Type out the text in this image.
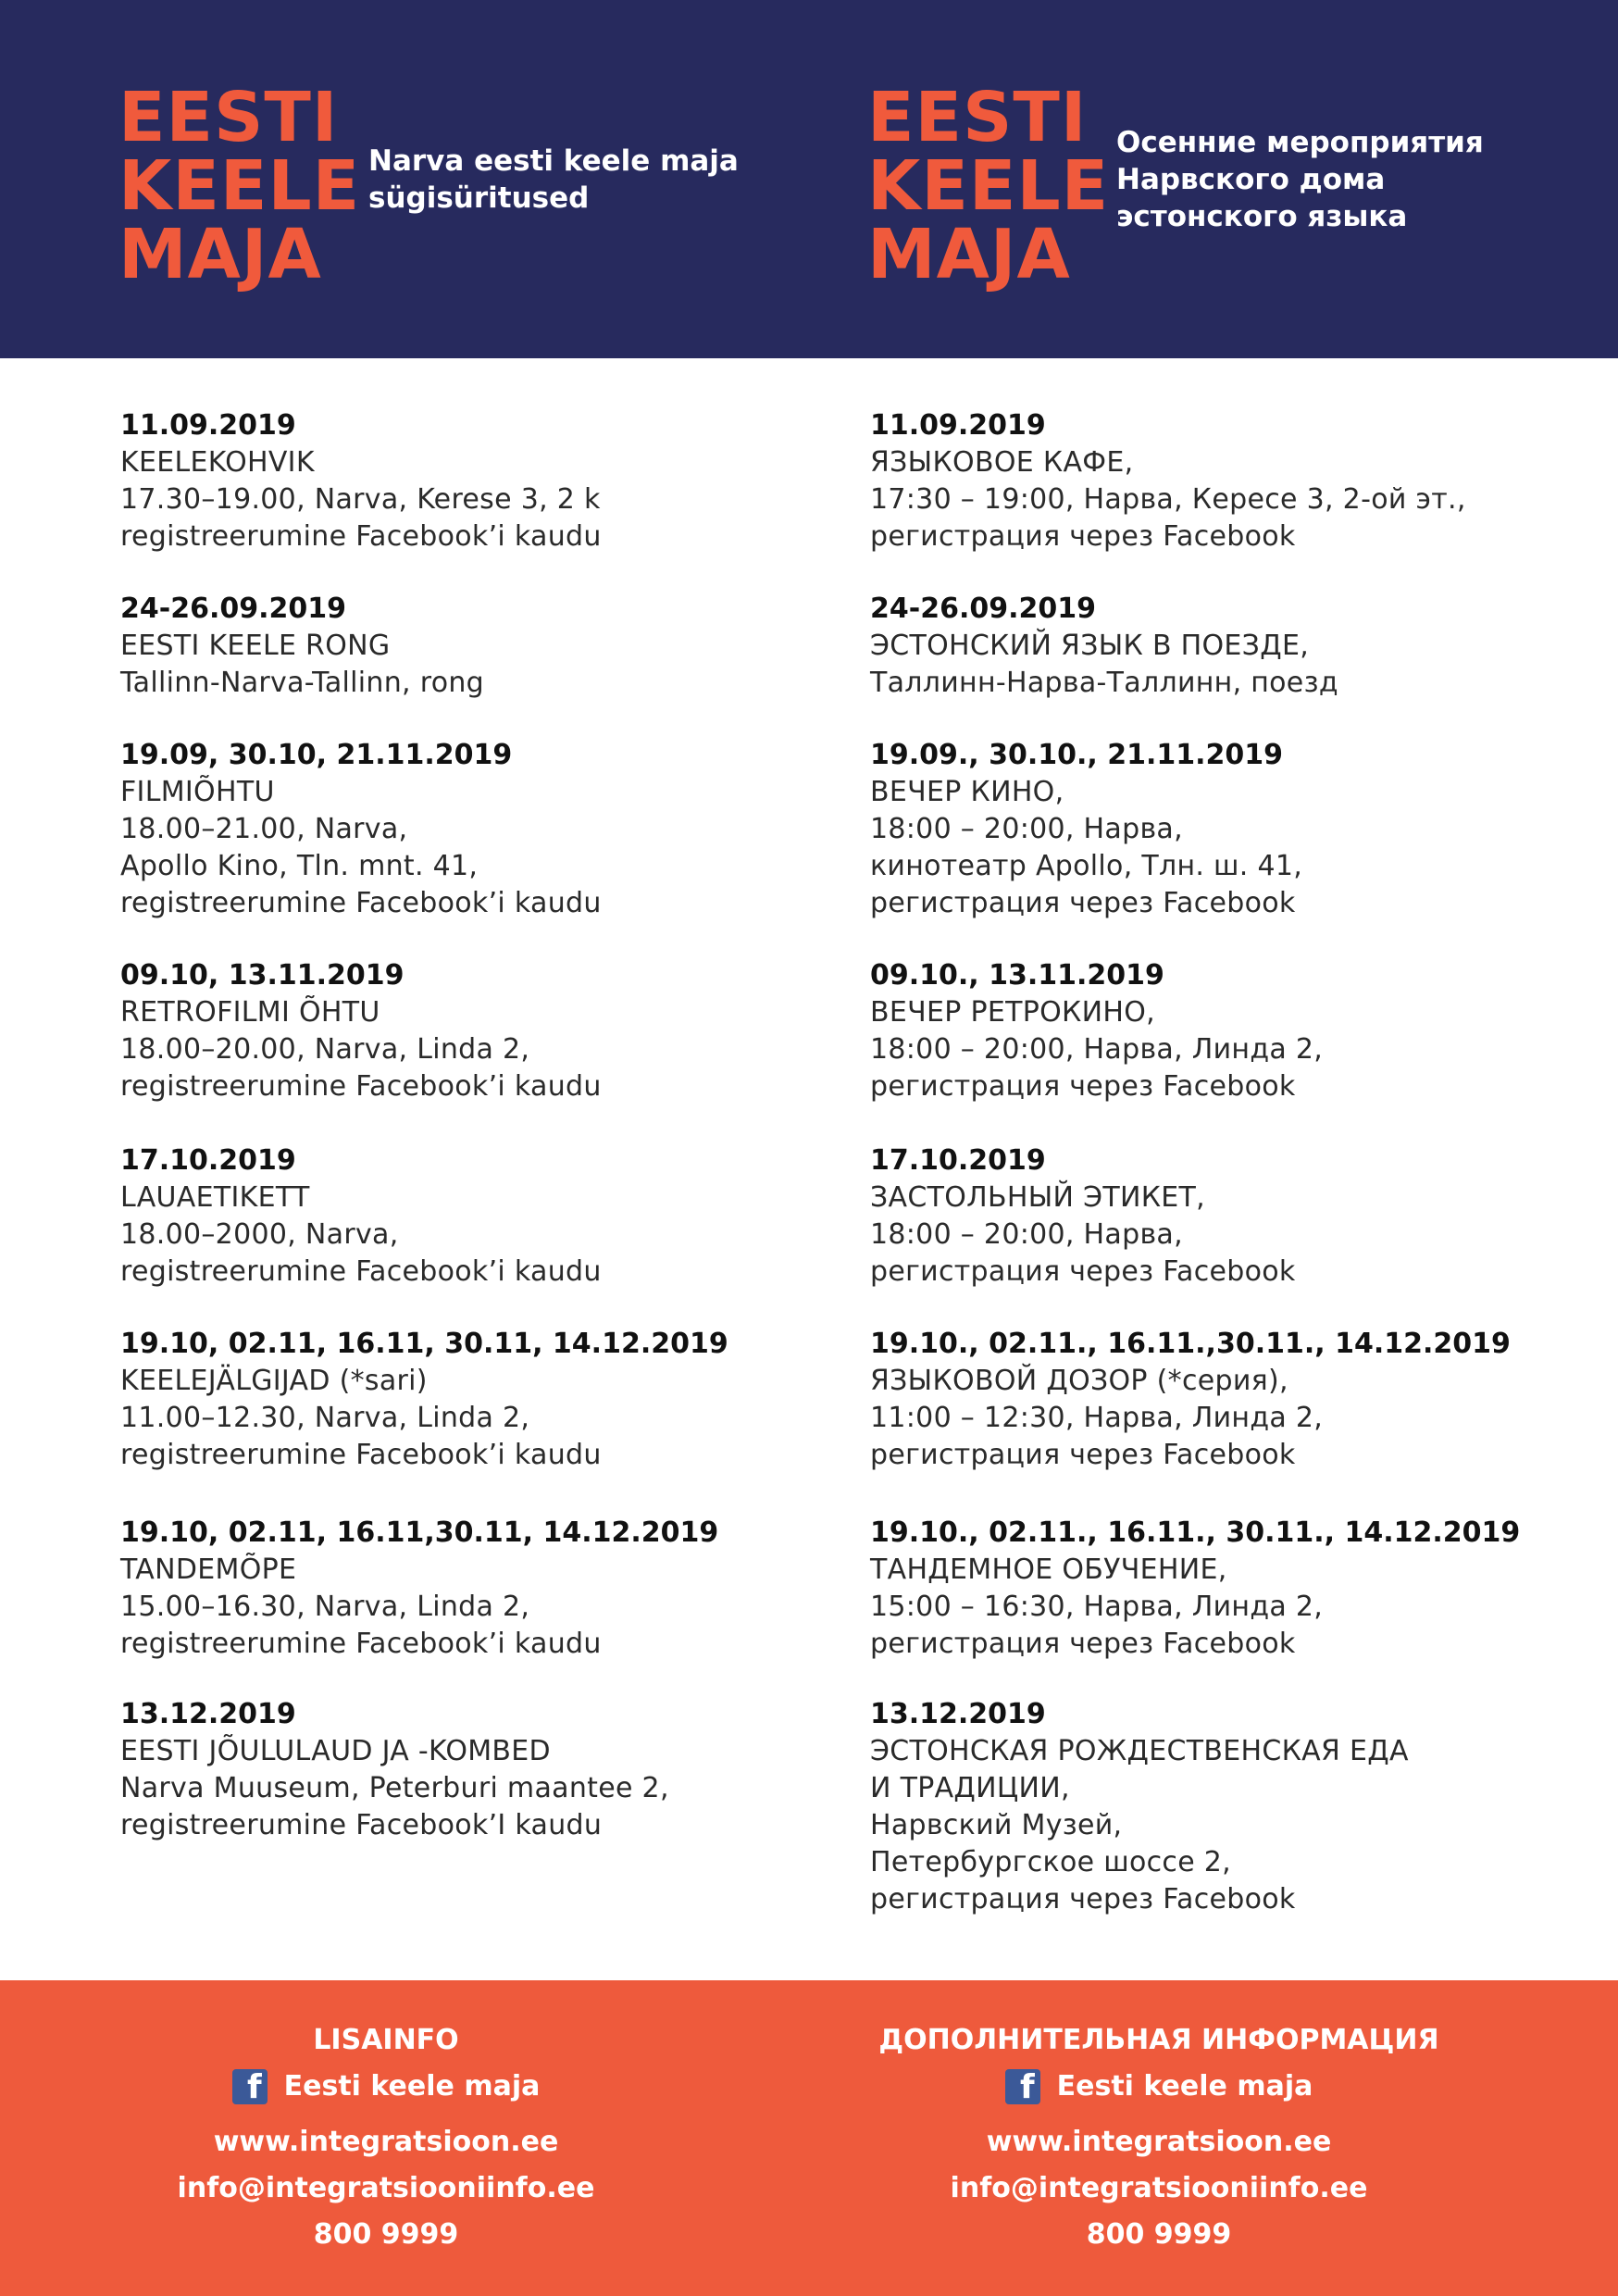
EESTI
KEELE
MAJA
Narva eesti keele maja
sügisüritused
EESTI
KEELE
MAJA
Осенние мероприятия
Нарвского дома
эстонского языка
11.09.2019
KEELEKOHVIK
17.30–19.00, Narva, Kerese 3, 2 k
registreerumine Facebook’i kaudu
24-26.09.2019
EESTI KEELE RONG
Tallinn-Narva-Tallinn, rong
19.09, 30.10, 21.11.2019
FILMIÕHTU
18.00–21.00, Narva,
Apollo Kino, Tln. mnt. 41,
registreerumine Facebook’i kaudu
09.10, 13.11.2019
RETROFILMI ÕHTU
18.00–20.00, Narva, Linda 2,
registreerumine Facebook’i kaudu
17.10.2019
LAUAETIKETT
18.00–2000, Narva,
registreerumine Facebook’i kaudu
19.10, 02.11, 16.11, 30.11, 14.12.2019
KEELEJÄLGIJAD (*sari)
11.00–12.30, Narva, Linda 2,
registreerumine Facebook’i kaudu
19.10, 02.11, 16.11,30.11, 14.12.2019
TANDEMÕPE
15.00–16.30, Narva, Linda 2,
registreerumine Facebook’i kaudu
13.12.2019
EESTI JÕULULAUD JA -KOMBED
Narva Muuseum, Peterburi maantee 2,
registreerumine Facebook’I kaudu
11.09.2019
ЯЗЫКОВОЕ КАФЕ,
17:30 – 19:00, Нарва, Кересе 3, 2-ой эт.,
регистрация через Facebook
24-26.09.2019
ЭСТОНСКИЙ ЯЗЫК В ПОЕЗДЕ,
Таллинн-Нарва-Таллинн, поезд
19.09., 30.10., 21.11.2019
ВЕЧЕР КИНО,
18:00 – 20:00, Нарва,
кинотеатр Apollo, Тлн. ш. 41,
регистрация через Facebook
09.10., 13.11.2019
ВЕЧЕР РЕТРОКИНО,
18:00 – 20:00, Нарва, Линда 2,
регистрация через Facebook
17.10.2019
ЗАСТОЛЬНЫЙ ЭТИКЕТ,
18:00 – 20:00, Нарва,
регистрация через Facebook
19.10., 02.11., 16.11.,30.11., 14.12.2019
ЯЗЫКОВОЙ ДОЗОР (*серия),
11:00 – 12:30, Нарва, Линда 2,
регистрация через Facebook
19.10., 02.11., 16.11., 30.11., 14.12.2019
ТАНДЕМНОЕ ОБУЧЕНИЕ,
15:00 – 16:30, Нарва, Линда 2,
регистрация через Facebook
13.12.2019
ЭСТОНСКАЯ РОЖДЕСТВЕНСКАЯ ЕДА
И ТРАДИЦИИ,
Нарвский Музей,
Петербургское шоссе 2,
регистрация через Facebook
LISAINFO
f
Eesti keele maja
www.integratsioon.ee
info@integratsiooniinfo.ee
800 9999
ДОПОЛНИТЕЛЬНАЯ ИНФОРМАЦИЯ
f
Eesti keele maja
www.integratsioon.ee
info@integratsiooniinfo.ee
800 9999
